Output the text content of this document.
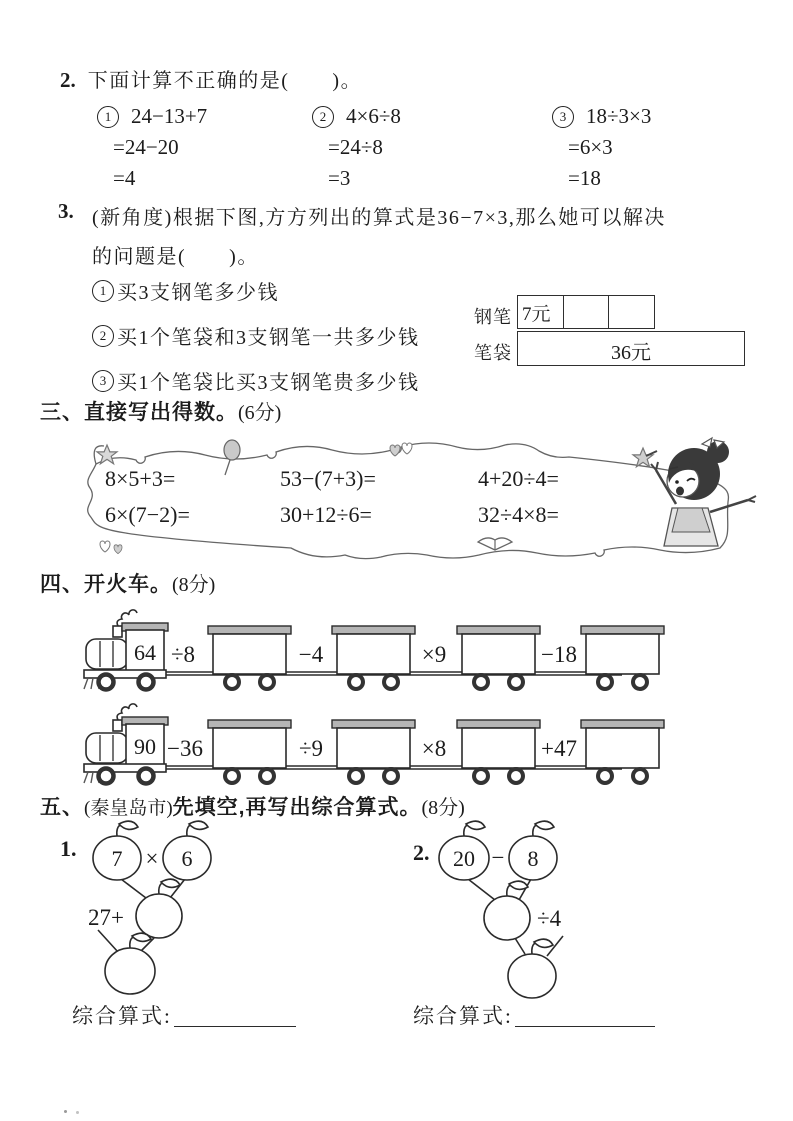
2. 下面计算不正确的是(　　)。
1 24−13+7
=24−20
=4
2 4×6÷8
=24÷8
=3
3 18÷3×3
=6×3
=18
3. (新角度)根据下图,方方列出的算式是36−7×3,那么她可以解决
的问题是(　　)。
1 买3支钢笔多少钱
2 买1个笔袋和3支钢笔一共多少钱
3 买1个笔袋比买3支钢笔贵多少钱
钢笔 7元
笔袋	36元
三、直接写出得数。(6分)
8×5+3=	53−(7+3)=	4+20÷4=
6×(7−2)=	30+12÷6=	32÷4×8=
四、开火车。(8分)
64 ÷8	−4	×9	−18
90 −36	÷9	×8	+47
五、(秦皇岛市)先填空,再写出综合算式。(8分)
1.	2.
7 × 6
27+
20 − 8
÷4
综合算式:	综合算式:
